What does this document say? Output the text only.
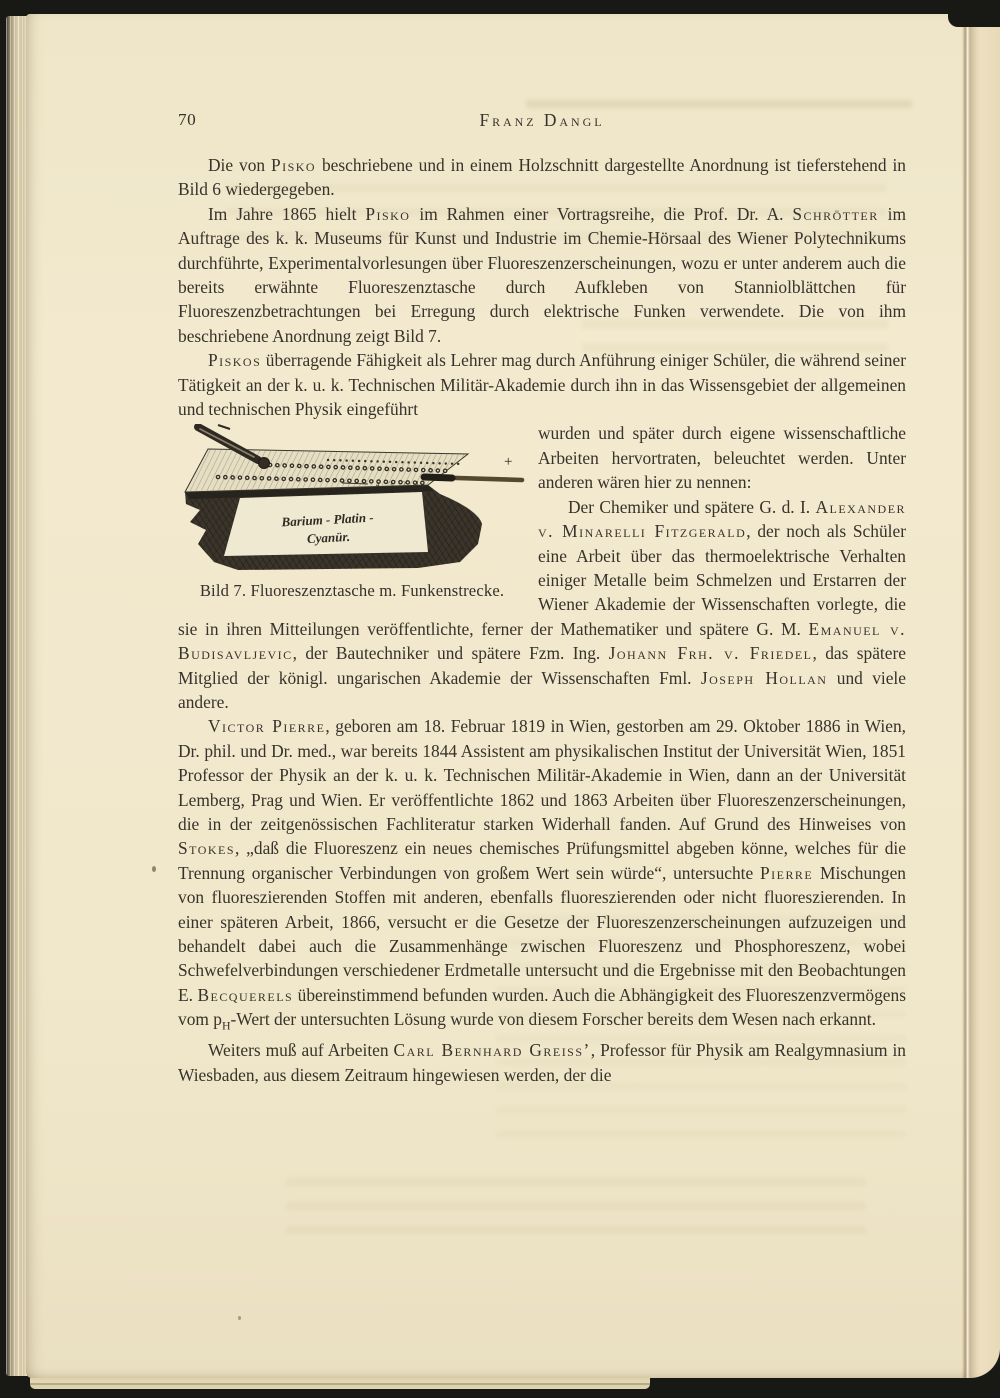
70	Franz Dangl

Die von Pisko beschriebene und in einem Holzschnitt dargestellte Anordnung ist tieferstehend in Bild 6 wiedergegeben.

Im Jahre 1865 hielt Pisko im Rahmen einer Vortragsreihe, die Prof. Dr. A. Schrötter im Auftrage des k. k. Museums für Kunst und Industrie im Chemie-Hörsaal des Wiener Polytechnikums durchführte, Experimentalvorlesungen über Fluoreszenzerscheinungen, wozu er unter anderem auch die bereits erwähnte Fluoreszenztasche durch Aufkleben von Stanniolblättchen für Fluoreszenzbetrachtungen bei Erregung durch elektrische Funken verwendete. Die von ihm beschriebene Anordnung zeigt Bild 7.

Piskos überragende Fähigkeit als Lehrer mag durch Anführung einiger Schüler, die während seiner Tätigkeit an der k. u. k. Technischen Militär-Akademie durch ihn in das Wissensgebiet der allgemeinen und technischen Physik eingeführt

Barium - Platin -
Cyanür.
4 3 2 1
+
Bild 7. Fluoreszenztasche m. Funkenstrecke.

wurden und später durch eigene wissenschaftliche Arbeiten hervortraten, beleuchtet werden. Unter anderen wären hier zu nennen:

Der Chemiker und spätere G. d. I. Alexander v. Minarelli Fitzgerald, der noch als Schüler eine Arbeit über das thermoelektrische Verhalten einiger Metalle beim Schmelzen und Erstarren der Wiener Akademie der Wissenschaften vorlegte, die sie in ihren Mitteilungen veröffentlichte, ferner der Mathematiker und spätere G. M. Emanuel v. Budisavljevic, der Bautechniker und spätere Fzm. Ing. Johann Frh. v. Friedel, das spätere Mitglied der königl. ungarischen Akademie der Wissenschaften Fml. Joseph Hollan und viele andere.

Victor Pierre, geboren am 18. Februar 1819 in Wien, gestorben am 29. Oktober 1886 in Wien, Dr. phil. und Dr. med., war bereits 1844 Assistent am physikalischen Institut der Universität Wien, 1851 Professor der Physik an der k. u. k. Technischen Militär-Akademie in Wien, dann an der Universität Lemberg, Prag und Wien. Er veröffentlichte 1862 und 1863 Arbeiten über Fluoreszenzerscheinungen, die in der zeitgenössischen Fachliteratur starken Widerhall fanden. Auf Grund des Hinweises von Stokes, „daß die Fluoreszenz ein neues chemisches Prüfungsmittel abgeben könne, welches für die Trennung organischer Verbindungen von großem Wert sein würde“, untersuchte Pierre Mischungen von fluoreszierenden Stoffen mit anderen, ebenfalls fluoreszierenden oder nicht fluoreszierenden. In einer späteren Arbeit, 1866, versucht er die Gesetze der Fluoreszenzerscheinungen aufzuzeigen und behandelt dabei auch die Zusammenhänge zwischen Fluoreszenz und Phosphoreszenz, wobei Schwefelverbindungen verschiedener Erdmetalle untersucht und die Ergebnisse mit den Beobachtungen E. Becquerels übereinstimmend befunden wurden. Auch die Abhängigkeit des Fluoreszenzvermögens vom $p_H$-Wert der untersuchten Lösung wurde von diesem Forscher bereits dem Wesen nach erkannt.

Weiters muß auf Arbeiten Carl Bernhard Greiss’, Professor für Physik am Realgymnasium in Wiesbaden, aus diesem Zeitraum hingewiesen werden, der die
